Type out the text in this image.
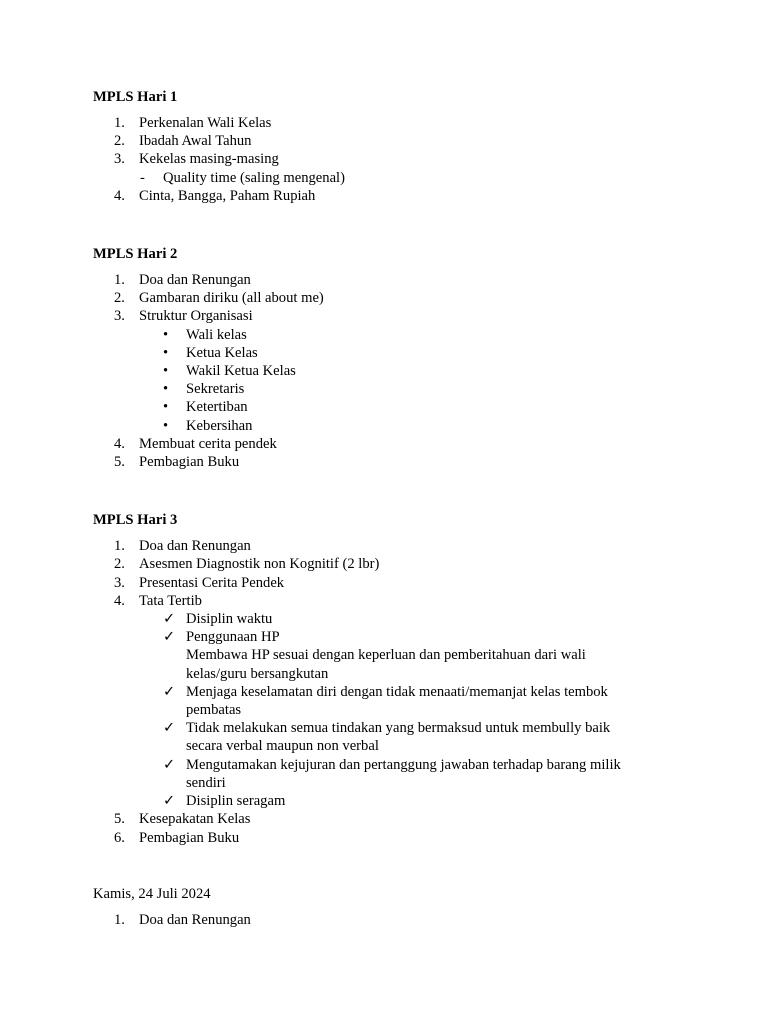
MPLS Hari 1
1. Perkenalan Wali Kelas
2. Ibadah Awal Tahun
3. Kekelas masing-masing
- Quality time (saling mengenal)
4. Cinta, Bangga, Paham Rupiah
MPLS Hari 2
1. Doa dan Renungan
2. Gambaran diriku (all about me)
3. Struktur Organisasi
• Wali kelas
• Ketua Kelas
• Wakil Ketua Kelas
• Sekretaris
• Ketertiban
• Kebersihan
4. Membuat cerita pendek
5. Pembagian Buku
MPLS Hari 3
1. Doa dan Renungan
2. Asesmen Diagnostik non Kognitif (2 lbr)
3. Presentasi Cerita Pendek
4. Tata Tertib
✓ Disiplin waktu
✓ Penggunaan HP
Membawa HP sesuai dengan keperluan dan pemberitahuan dari wali
kelas/guru bersangkutan
✓ Menjaga keselamatan diri dengan tidak menaati/memanjat kelas tembok
pembatas
✓ Tidak melakukan semua tindakan yang bermaksud untuk membully baik
secara verbal maupun non verbal
✓ Mengutamakan kejujuran dan pertanggung jawaban terhadap barang milik
sendiri
✓ Disiplin seragam
5. Kesepakatan Kelas
6. Pembagian Buku
Kamis, 24 Juli 2024
1. Doa dan Renungan
